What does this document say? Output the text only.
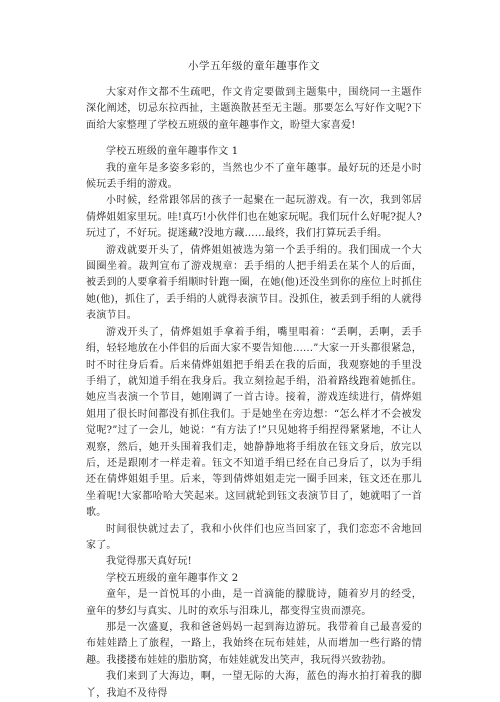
小学五年级的童年趣事作文

大家对作文都不生疏吧，作文肯定要做到主题集中，围绕同一主题作深化阐述，切忌东拉西扯，主题涣散甚至无主题。那要怎么写好作文呢?下面给大家整理了学校五班级的童年趣事作文，盼望大家喜爱!

学校五班级的童年趣事作文 1

我的童年是多姿多彩的，当然也少不了童年趣事。最好玩的还是小时候玩丢手绢的游戏。

小时候，经常跟邻居的孩子一起聚在一起玩游戏。有一次，我到邻居倩烨姐姐家里玩。哇!真巧!小伙伴们也在她家玩呢。我们玩什么好呢?捉人?玩过了，不好玩。捉迷藏?没地方藏……最终，我们打算玩丢手绢。

游戏就要开头了，倩烨姐姐被选为第一个丢手绢的。我们围成一个大圆圈坐着。裁判宣布了游戏规章：丢手绢的人把手绢丢在某个人的后面，被丢到的人要拿着手绢顺时针跑一圈，在她(他)还没坐到你的座位上时抓住她(他)，抓住了，丢手绢的人就得表演节目。没抓住，被丢到手绢的人就得表演节目。

游戏开头了，倩烨姐姐手拿着手绢，嘴里唱着：“丢啊，丢啊，丢手绢，轻轻地放在小伴侣的后面大家不要告知他……”大家一开头都很紧急，时不时往身后看。后来倩烨姐姐把手绢丢在我的后面，我观察她的手里没手绢了，就知道手绢在我身后。我立刻捡起手绢，沿着路线跑着她抓住。她应当表演一个节目，她刚调了一首古诗。接着，游戏连续进行，倩烨姐姐用了很长时间都没有抓住我们。于是她坐在旁边想：“怎么样才不会被发觉呢?”过了一会儿，她说：“有方法了!”只见她将手绢捏得紧紧地，不让人观察，然后，她开头围着我们走，她静静地将手绢放在钰文身后，放完以后，还是跟刚才一样走着。钰文不知道手绢已经在自己身后了，以为手绢还在倩烨姐姐手里。后来，等到倩烨姐姐走完一圈手回来，钰文还在那儿坐着呢!大家都哈哈大笑起来。这回就轮到钰文表演节目了，她就唱了一首歌。

时间很快就过去了，我和小伙伴们也应当回家了，我们恋恋不舍地回家了。

我觉得那天真好玩!

学校五班级的童年趣事作文 2

童年，是一首悦耳的小曲，是一首滴能的朦胧诗，随着岁月的经受，童年的梦幻与真实、儿时的欢乐与泪珠儿，都变得宝贵而漂亮。

那是一次盛夏，我和爸爸妈妈一起到海边游玩。我带着自己最喜爱的布娃娃踏上了旅程，一路上，我始终在玩布娃娃，从而增加一些行路的情趣。我搂搂布娃娃的脂肪窝，布娃娃就发出笑声，我玩得兴致勃勃。

我们来到了大海边，啊，一望无际的大海，蓝色的海水拍打着我的脚丫，我迫不及待得
